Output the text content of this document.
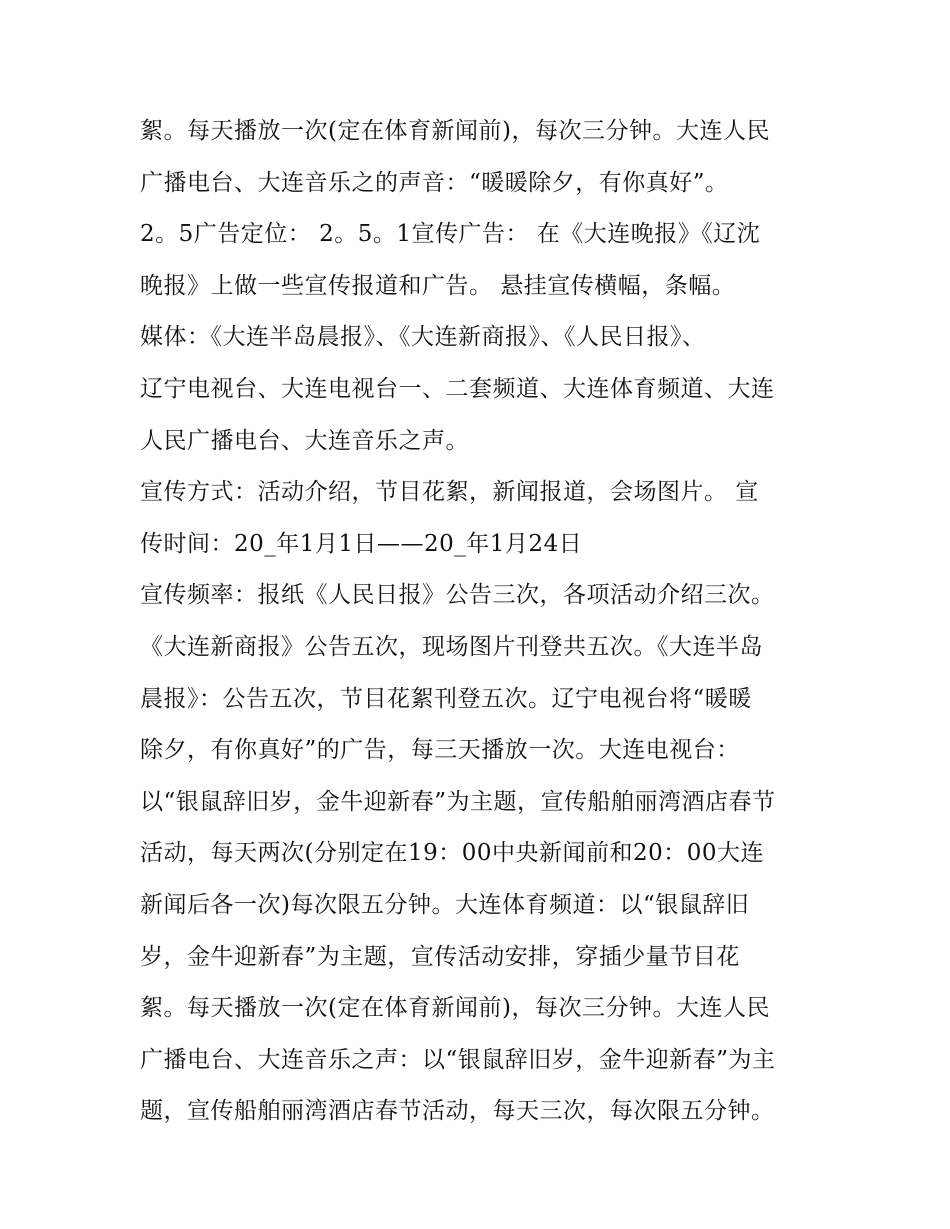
絮。每天播放一次(定在体育新闻前)，每次三分钟。大连人民

广播电台、大连音乐之的声音：“暖暖除夕，有你真好”。

2。5广告定位： 2。5。1宣传广告： 在《大连晚报》《辽沈

晚报》上做一些宣传报道和广告。 悬挂宣传横幅，条幅。

媒体：《大连半岛晨报》、《大连新商报》、《人民日报》、

辽宁电视台、大连电视台一、二套频道、大连体育频道、大连

人民广播电台、大连音乐之声。

宣传方式：活动介绍，节目花絮，新闻报道，会场图片。 宣

传时间：20_年1月1日——20_年1月24日

宣传频率：报纸《人民日报》公告三次，各项活动介绍三次。

《大连新商报》公告五次，现场图片刊登共五次。《大连半岛

晨报》：公告五次，节目花絮刊登五次。辽宁电视台将“暖暖

除夕，有你真好”的广告，每三天播放一次。大连电视台：

以“银鼠辞旧岁，金牛迎新春”为主题，宣传船舶丽湾酒店春节

活动，每天两次(分别定在19：00中央新闻前和20：00大连

新闻后各一次)每次限五分钟。大连体育频道：以“银鼠辞旧

岁，金牛迎新春”为主题，宣传活动安排，穿插少量节目花

絮。每天播放一次(定在体育新闻前)，每次三分钟。大连人民

广播电台、大连音乐之声：以“银鼠辞旧岁，金牛迎新春”为主

题，宣传船舶丽湾酒店春节活动，每天三次，每次限五分钟。
